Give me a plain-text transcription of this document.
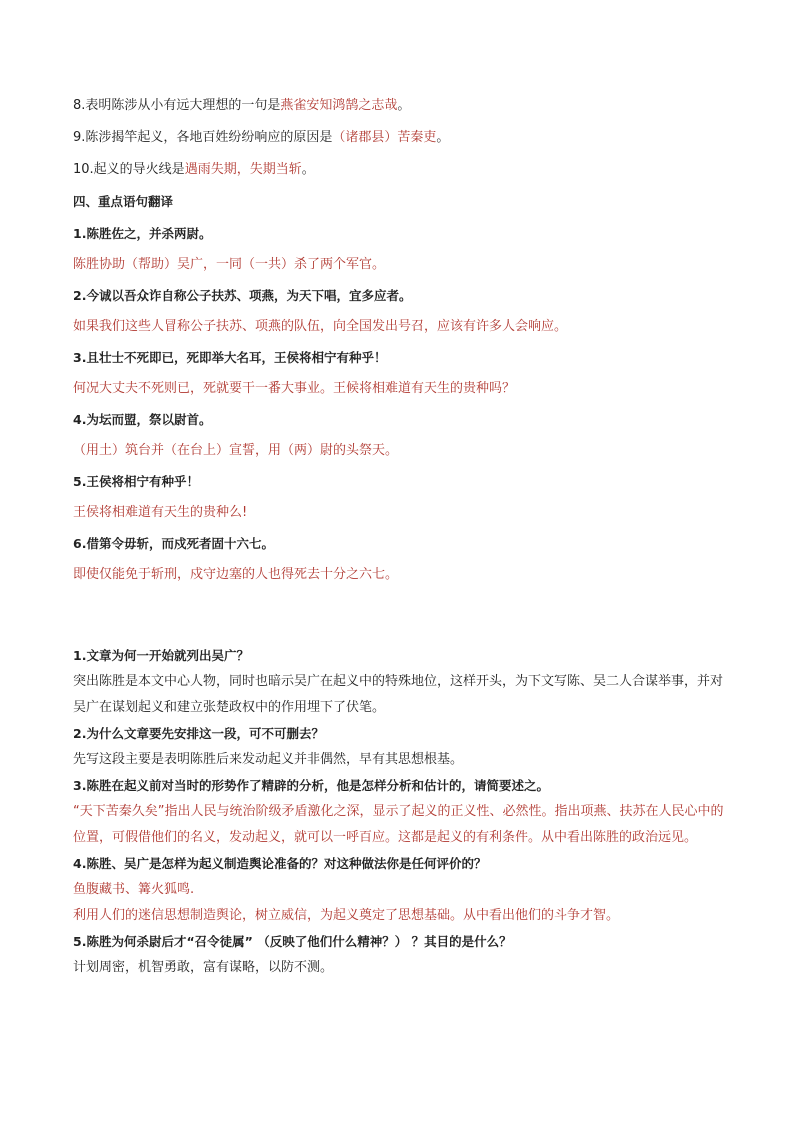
8.表明陈涉从小有远大理想的一句是燕雀安知鸿鹄之志哉。
9.陈涉揭竿起义，各地百姓纷纷响应的原因是（诸郡县）苦秦吏。
10.起义的导火线是遇雨失期，失期当斩。
四、重点语句翻译
1.陈胜佐之，并杀两尉。
陈胜协助（帮助）吴广，一同（一共）杀了两个军官。
2.今诚以吾众诈自称公子扶苏、项燕，为天下唱，宜多应者。
如果我们这些人冒称公子扶苏、项燕的队伍，向全国发出号召，应该有许多人会响应。
3.且壮士不死即已，死即举大名耳，王侯将相宁有种乎！
何况大丈夫不死则已，死就要干一番大事业。王候将相难道有天生的贵种吗？
4.为坛而盟，祭以尉首。
（用土）筑台并（在台上）宣誓，用（两）尉的头祭天。
5.王侯将相宁有种乎！
王侯将相难道有天生的贵种么!
6.借第令毋斩，而戍死者固十六七。
即使仅能免于斩刑，戍守边塞的人也得死去十分之六七。
1.文章为何一开始就列出吴广？
突出陈胜是本文中心人物，同时也暗示吴广在起义中的特殊地位，这样开头，为下文写陈、吴二人合谋举事，并对吴广在谋划起义和建立张楚政权中的作用埋下了伏笔。
2.为什么文章要先安排这一段，可不可删去？
先写这段主要是表明陈胜后来发动起义并非偶然，早有其思想根基。
3.陈胜在起义前对当时的形势作了精辟的分析，他是怎样分析和估计的，请简要述之。
“天下苦秦久矣”指出人民与统治阶级矛盾激化之深，显示了起义的正义性、必然性。指出项燕、扶苏在人民心中的位置，可假借他们的名义，发动起义，就可以一呼百应。这都是起义的有利条件。从中看出陈胜的政治远见。
4.陈胜、吴广是怎样为起义制造舆论准备的？对这种做法你是任何评价的？
鱼腹藏书、篝火狐鸣.
利用人们的迷信思想制造舆论，树立威信，为起义奠定了思想基础。从中看出他们的斗争才智。
5.陈胜为何杀尉后才“召令徒属” （反映了他们什么精神？） ？其目的是什么？
计划周密，机智勇敢，富有谋略，以防不测。
